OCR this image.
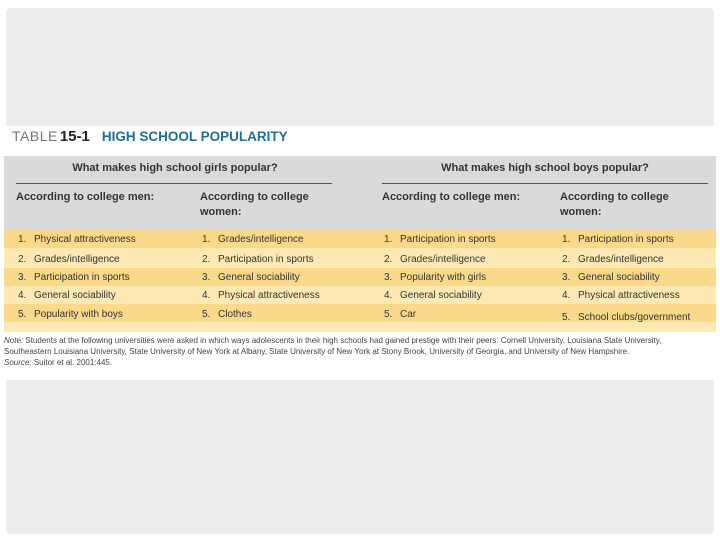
TABLE 15-1 HIGH SCHOOL POPULARITY
What makes high school girls popular?	What makes high school boys popular?
According to college men:	According to college women:
According to college men:	According to college women:
1. Physical attractiveness	1. Grades/intelligence	1. Participation in sports	1. Participation in sports
2. Grades/intelligence	2. Participation in sports	2. Grades/intelligence	2. Grades/intelligence
3. Participation in sports	3. General sociability	3. Popularity with girls	3. General sociability
4. General sociability	4. Physical attractiveness	4. General sociability	4. Physical attractiveness
5. Popularity with boys	5. Clothes	5. Car	5. School clubs/government
Note: Students at the following universities were asked in which ways adolescents in their high schools had gained prestige with their peers: Cornell University, Louisiana State University, Southeastern Louisiana University, State University of New York at Albany, State University of New York at Stony Brook, University of Georgia, and University of New Hampshire.
Source: Suitor et al. 2001:445.
